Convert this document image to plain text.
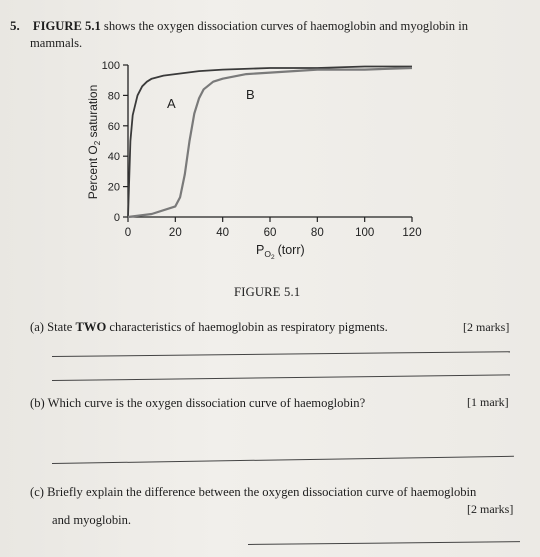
5. FIGURE 5.1 shows the oxygen dissociation curves of haemoglobin and myoglobin in
mammals.
0
20
40
60
80
100
0	20	40	60	80	100 120
A
B
$P_O2(torr)$
Percent $O_2$ saturation
FIGURE 5.1
(a) State TWO characteristics of haemoglobin as respiratory pigments.	[2 marks]
(b) Which curve is the oxygen dissociation curve of haemoglobin?	[1 mark]
(c) Briefly explain the difference between the oxygen dissociation curve of haemoglobin
and myoglobin.
[2 marks]
